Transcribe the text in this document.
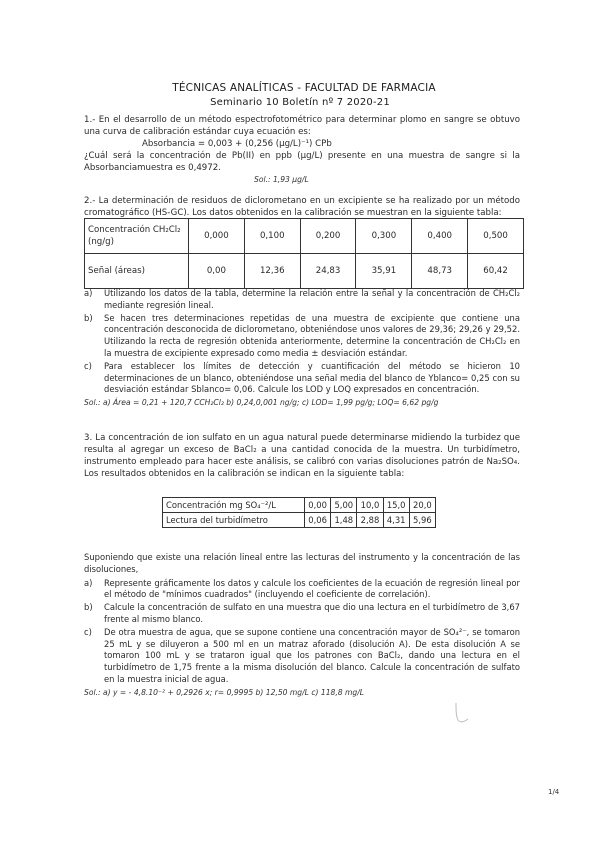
TÉCNICAS ANALÍTICAS - FACULTAD DE FARMACIA
Seminario 10 Boletín nº 7 2020-21

1.- En el desarrollo de un método espectrofotométrico para determinar plomo en sangre se obtuvo una curva de calibración estándar cuya ecuación es:

Absorbancia = 0,003 + (0,256 (µg/L)⁻¹) CPb

¿Cuál será la concentración de Pb(II) en ppb (µg/L) presente en una muestra de sangre si la Absorbanciamuestra es 0,4972.

Sol.: 1,93 µg/L

2.- La determinación de residuos de diclorometano en un excipiente se ha realizado por un método cromatográfico (HS-GC). Los datos obtenidos en la calibración se muestran en la siguiente tabla:
Concentración CH₂Cl₂ (ng/g)	0,000	0,100	0,200	0,300	0,400	0,500
Señal (áreas)	0,00	12,36	24,83	35,91	48,73	60,42
a)	Utilizando los datos de la tabla, determine la relación entre la señal y la concentración de CH₂Cl₂ mediante regresión lineal.
b)	Se hacen tres determinaciones repetidas de una muestra de excipiente que contiene una concentración desconocida de diclorometano, obteniéndose unos valores de 29,36; 29,26 y 29,52. Utilizando la recta de regresión obtenida anteriormente, determine la concentración de CH₂Cl₂ en la muestra de excipiente expresado como media ± desviación estándar.
c)	Para establecer los límites de detección y cuantificación del método se hicieron 10 determinaciones de un blanco, obteniéndose una señal media del blanco de Yblanco= 0,25 con su desviación estándar Sblanco= 0,06. Calcule los LOD y LOQ expresados en concentración.
Sol.: a) Área = 0,21 + 120,7 CCH₂Cl₂ b) 0,24,0,001 ng/g; c) LOD= 1,99 pg/g; LOQ= 6,62 pg/g
3. La concentración de ion sulfato en un agua natural puede determinarse midiendo la turbidez que resulta al agregar un exceso de BaCl₂ a una cantidad conocida de la muestra. Un turbidímetro, instrumento empleado para hacer este análisis, se calibró con varias disoluciones patrón de Na₂SO₄. Los resultados obtenidos en la calibración se indican en la siguiente tabla:
Concentración mg SO₄⁻²/L	0,00	5,00	10,0	15,0	20,0
Lectura del turbidímetro	0,06	1,48	2,88	4,31	5,96

Suponiendo que existe una relación lineal entre las lecturas del instrumento y la concentración de las disoluciones,

a)	Represente gráficamente los datos y calcule los coeficientes de la ecuación de regresión lineal por el método de "mínimos cuadrados" (incluyendo el coeficiente de correlación).
b)	Calcule la concentración de sulfato en una muestra que dio una lectura en el turbidímetro de 3,67 frente al mismo blanco.
c)	De otra muestra de agua, que se supone contiene una concentración mayor de SO₄²⁻, se tomaron 25 mL y se diluyeron a 500 ml en un matraz aforado (disolución A). De esta disolución A se tomaron 100 mL y se trataron igual que los patrones con BaCl₂, dando una lectura en el turbidímetro de 1,75 frente a la misma disolución del blanco. Calcule la concentración de sulfato en la muestra inicial de agua.
Sol.: a) y = - 4,8.10⁻² + 0,2926 x; r= 0,9995 b) 12,50 mg/L c) 118,8 mg/L
1/4
